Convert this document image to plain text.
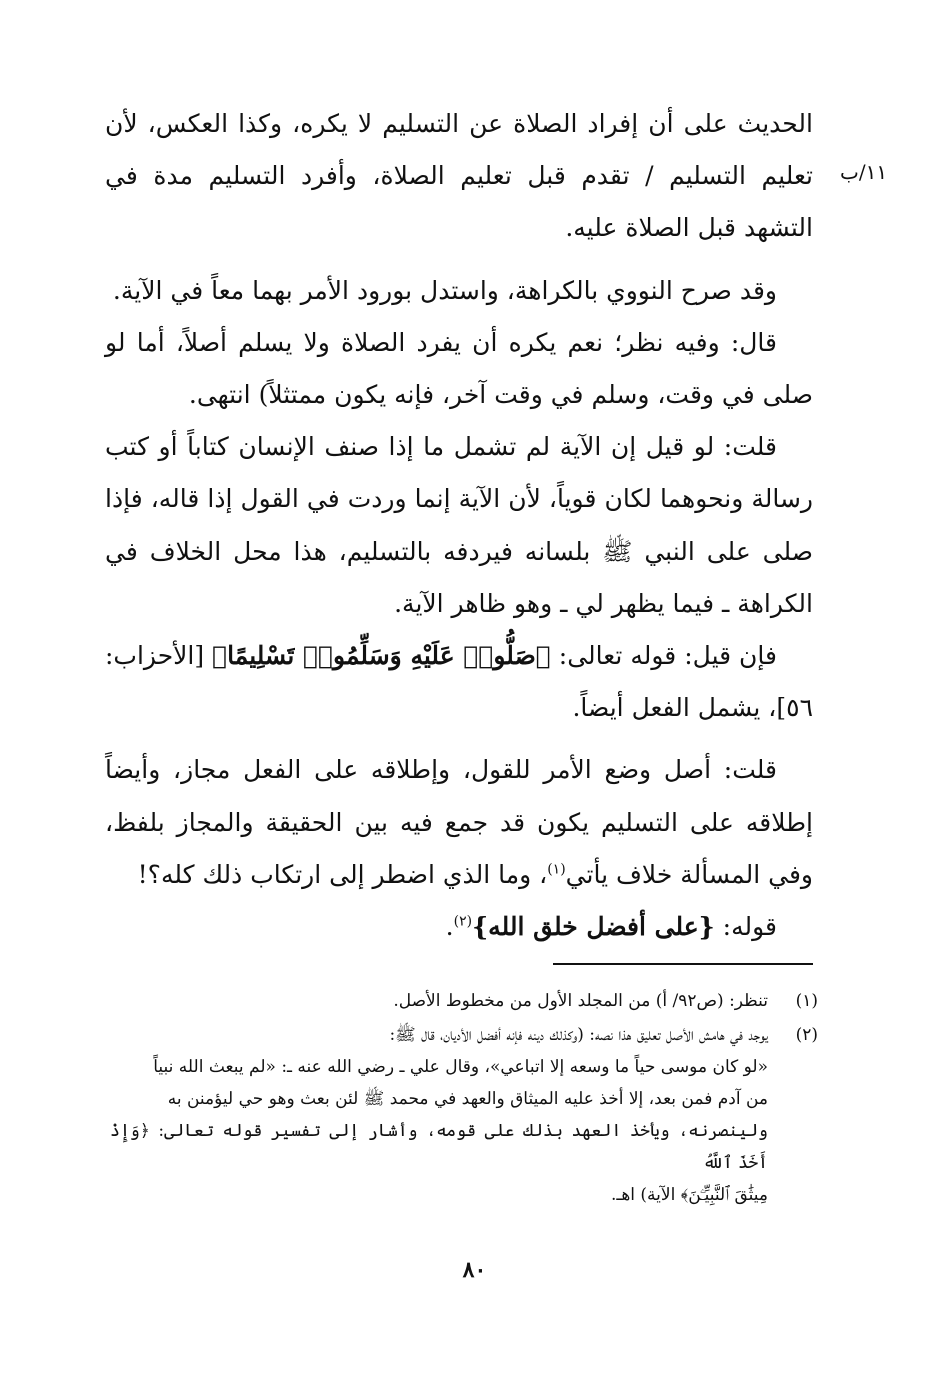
١١/ب

الحديث على أن إفراد الصلاة عن التسليم لا يكره، وكذا العكس، لأن تعليم التسليم / تقدم قبل تعليم الصلاة، وأفرد التسليم مدة في التشهد قبل الصلاة عليه.

وقد صرح النووي بالكراهة، واستدل بورود الأمر بهما معاً في الآية.

قال: وفيه نظر؛ نعم يكره أن يفرد الصلاة ولا يسلم أصلاً، أما لو صلى في وقت، وسلم في وقت آخر، فإنه يكون ممتثلاً) انتهى.

قلت: لو قيل إن الآية لم تشمل ما إذا صنف الإنسان كتاباً أو كتب رسالة ونحوهما لكان قوياً، لأن الآية إنما وردت في القول إذا قاله، فإذا صلى على النبي ﷺ بلسانه فيردفه بالتسليم، هذا محل الخلاف في الكراهة ـ فيما يظهر لي ـ وهو ظاهر الآية.

فإن قيل: قوله تعالى: ﴿صَلُّوا۟ عَلَيْهِ وَسَلِّمُوا۟ تَسْلِيمًا﴾ [الأحزاب: ٥٦]، يشمل الفعل أيضاً.

قلت: أصل وضع الأمر للقول، وإطلاقه على الفعل مجاز، وأيضاً إطلاقه على التسليم يكون قد جمع فيه بين الحقيقة والمجاز بلفظ، وفي المسألة خلاف يأتي$^{(١)}$، وما الذي اضطر إلى ارتكاب ذلك كله؟!

قوله: {على أفضل خلق الله}$^{(٢)}$.

(١)
تنظر: (ص٩٢/ أ) من المجلد الأول من مخطوط الأصل.
(٢)
يوجد في هامش الأصل تعليق هذا نصه: (وكذلك دينه فإنه أفضل الأديان، قال ﷺ:
«لو كان موسى حياً ما وسعه إلا اتباعي»، وقال علي ـ رضي الله عنه ـ: «لم يبعث الله نبياً
من آدم فمن بعد، إلا أخذ عليه الميثاق والعهد في محمد ﷺ لئن بعث وهو حي ليؤمنن به
ولينصرنه، ويأخذ العهد بذلك على قومه، وأشار إلى تفسير قوله تعالى: ﴿وَإِذْ أَخَذَ ٱللَّهُ
مِيثَٰقَ ٱلنَّبِيِّـۧنَ﴾ الآية) اهـ.
٨٠
